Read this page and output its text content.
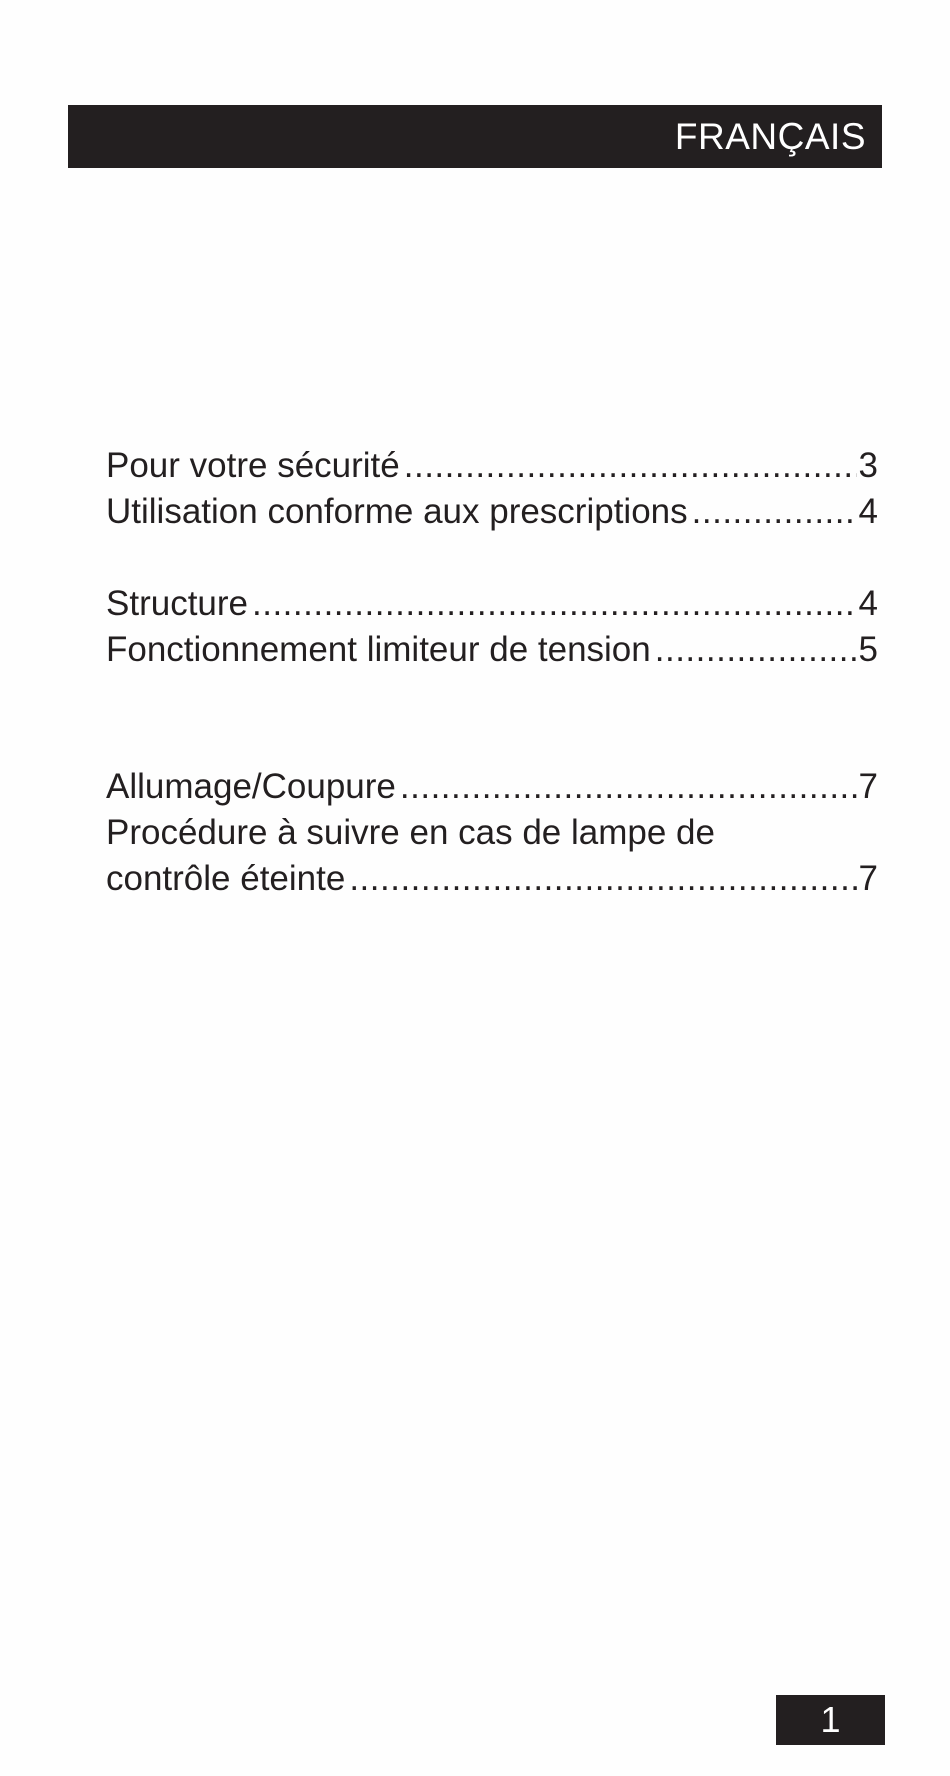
FRANÇAIS
Pour votre sécurité .....	3
Utilisation conforme aux prescriptions .....	4
Structure .....	4
Fonctionnement limiteur de tension .....	5
Allumage/Coupure .....	7
Procédure à suivre en cas de lampe de
contrôle éteinte .....	7
1
